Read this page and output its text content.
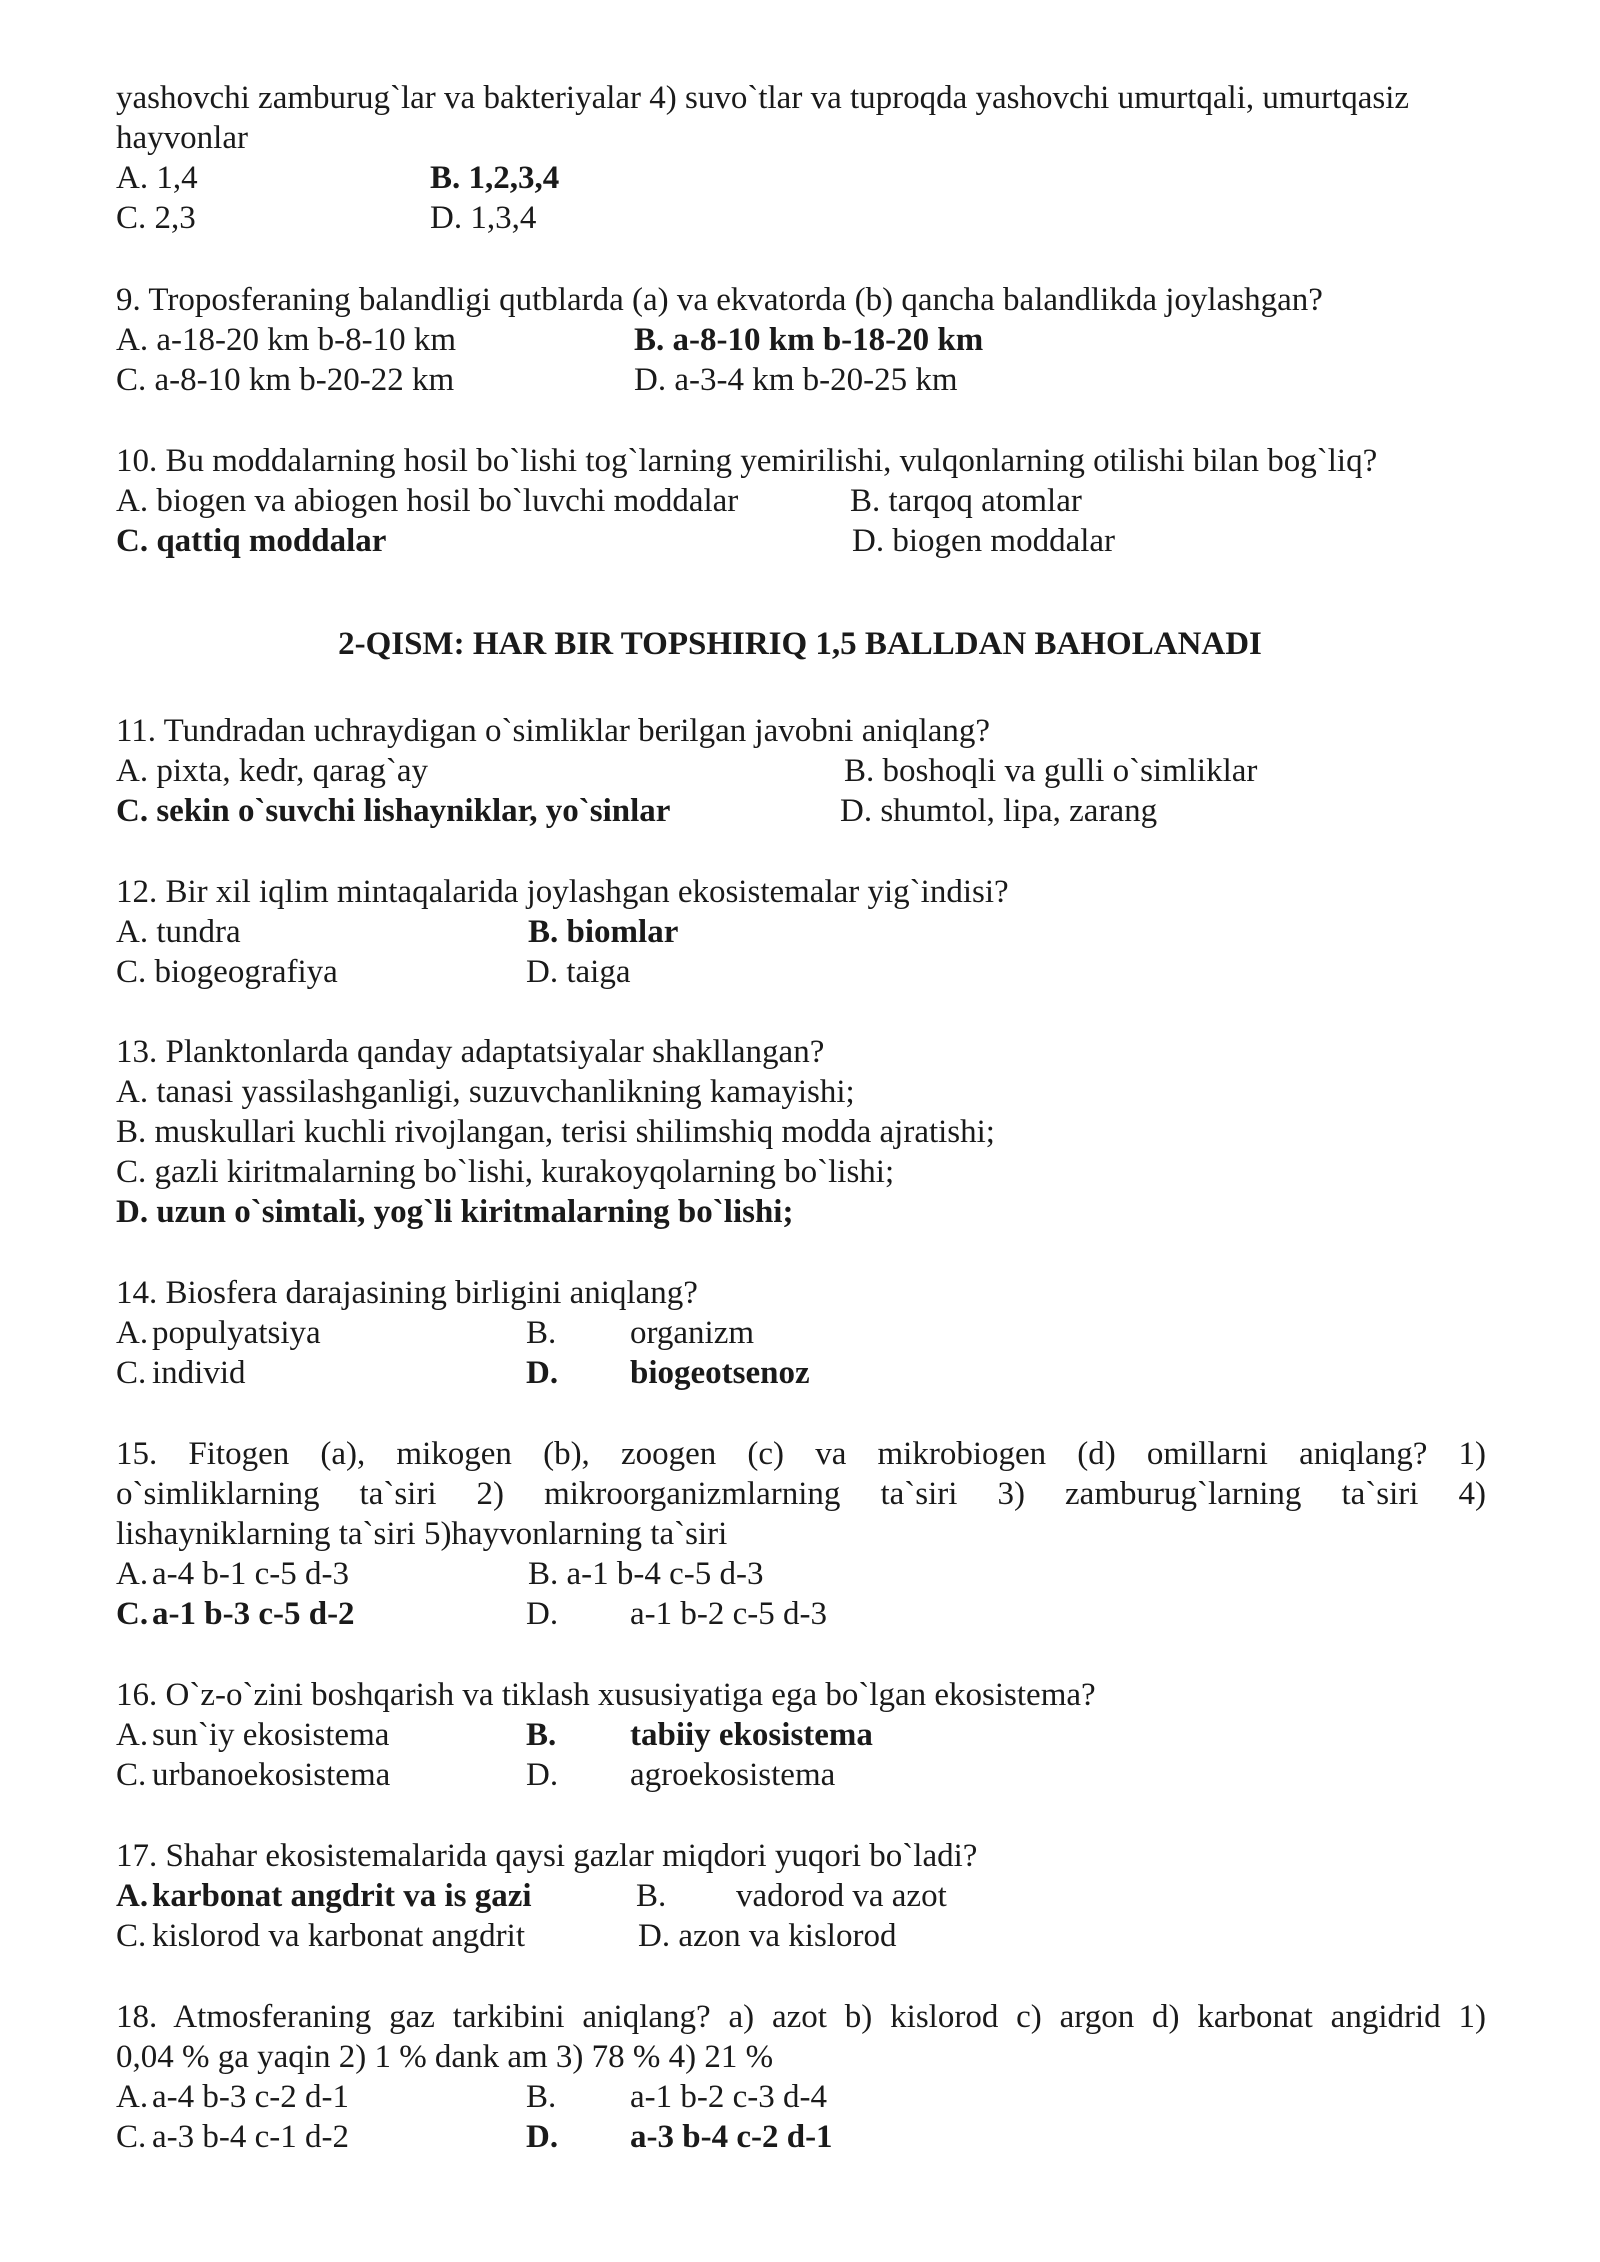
yashovchi zamburug`lar va bakteriyalar 4) suvo`tlar va tuproqda yashovchi umurtqali, umurtqasiz
hayvonlar
A. 1,4	B. 1,2,3,4
C. 2,3	D. 1,3,4
9. Troposferaning balandligi qutblarda (a) va ekvatorda (b) qancha balandlikda joylashgan?
A. a-18-20 km b-8-10 km	B. a-8-10 km b-18-20 km
C. a-8-10 km b-20-22 km	D. a-3-4 km b-20-25 km
10. Bu moddalarning hosil bo`lishi tog`larning yemirilishi, vulqonlarning otilishi bilan bog`liq?
A. biogen va abiogen hosil bo`luvchi moddalar	B. tarqoq atomlar
C. qattiq moddalar	D. biogen moddalar
2-QISM: HAR BIR TOPSHIRIQ 1,5 BALLDAN BAHOLANADI
11. Tundradan uchraydigan o`simliklar berilgan javobni aniqlang?
A. pixta, kedr, qarag`ay	B. boshoqli va gulli o`simliklar
C. sekin o`suvchi lishayniklar, yo`sinlar	D. shumtol, lipa, zarang
12. Bir xil iqlim mintaqalarida joylashgan ekosistemalar yig`indisi?
A. tundra	B. biomlar
C. biogeografiya	D. taiga
13. Planktonlarda qanday adaptatsiyalar shakllangan?
A. tanasi yassilashganligi, suzuvchanlikning kamayishi;
B. muskullari kuchli rivojlangan, terisi shilimshiq modda ajratishi;
C. gazli kiritmalarning bo`lishi, kurakoyqolarning bo`lishi;
D. uzun o`simtali, yog`li kiritmalarning bo`lishi;
14. Biosfera darajasining birligini aniqlang?
A. populyatsiya	B. organizm
C. individ	D. biogeotsenoz
15. Fitogen (a), mikogen (b), zoogen (c) va mikrobiogen (d) omillarni aniqlang? 1)
o`simliklarning ta`siri 2) mikroorganizmlarning ta`siri 3) zamburug`larning ta`siri 4)
lishayniklarning ta`siri 5)hayvonlarning ta`siri
A. a-4 b-1 c-5 d-3	B. a-1 b-4 c-5 d-3
C. a-1 b-3 c-5 d-2	D. a-1 b-2 c-5 d-3
16. O`z-o`zini boshqarish va tiklash xususiyatiga ega bo`lgan ekosistema?
A. sun`iy ekosistema	B. tabiiy ekosistema
C. urbanoekosistema	D. agroekosistema
17. Shahar ekosistemalarida qaysi gazlar miqdori yuqori bo`ladi?
A. karbonat angdrit va is gazi	B. vadorod va azot
C. kislorod va karbonat angdrit	D. azon va kislorod
18. Atmosferaning gaz tarkibini aniqlang? a) azot b) kislorod c) argon d) karbonat angidrid 1)
0,04 % ga yaqin 2) 1 % dank am 3) 78 % 4) 21 %
A. a-4 b-3 c-2 d-1	B. a-1 b-2 c-3 d-4
C. a-3 b-4 c-1 d-2	D. a-3 b-4 c-2 d-1
